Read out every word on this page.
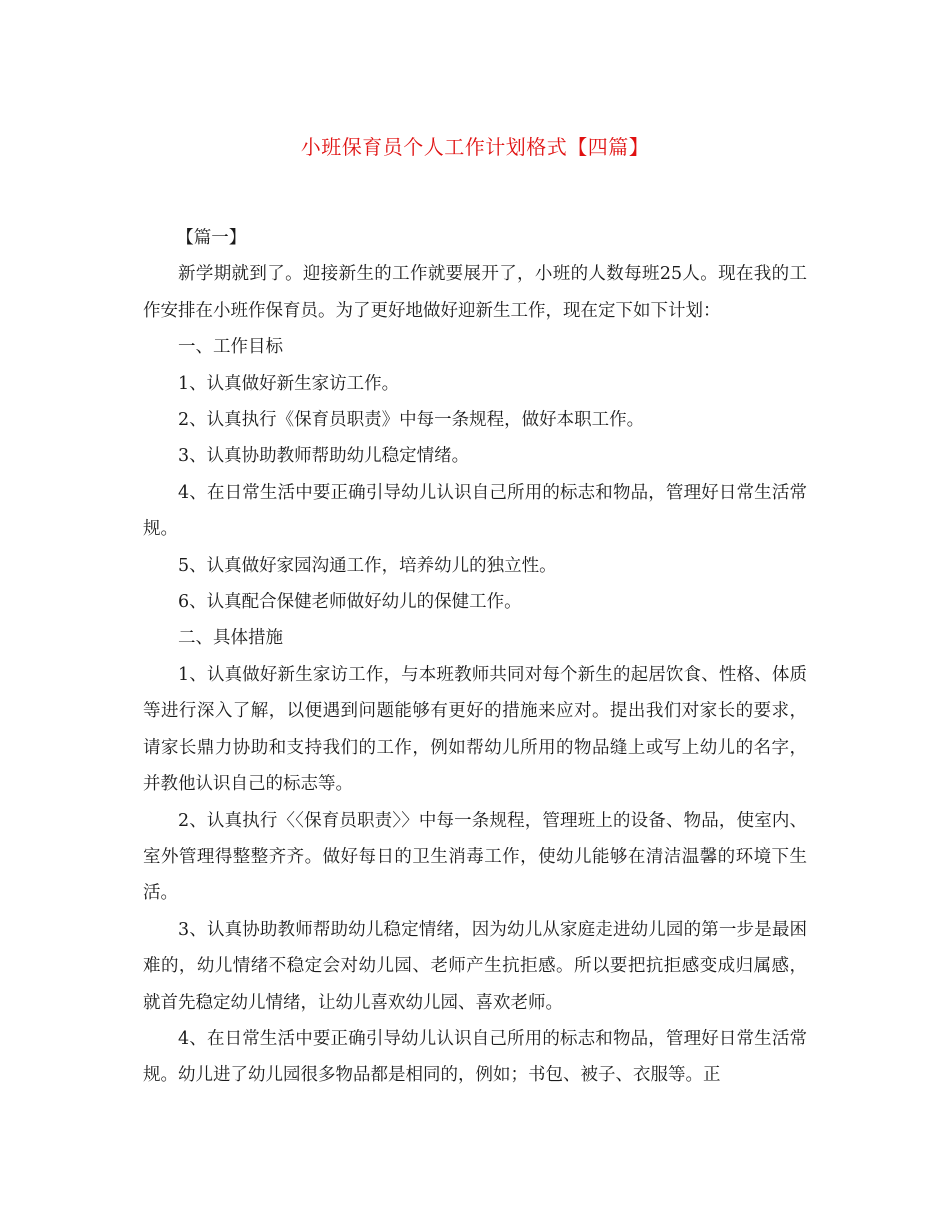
小班保育员个人工作计划格式【四篇】

【篇一】

新学期就到了。迎接新生的工作就要展开了，小班的人数每班25人。现在我的工作安排在小班作保育员。为了更好地做好迎新生工作，现在定下如下计划：

一、工作目标

1、认真做好新生家访工作。

2、认真执行《保育员职责》中每一条规程，做好本职工作。

3、认真协助教师帮助幼儿稳定情绪。

4、在日常生活中要正确引导幼儿认识自己所用的标志和物品，管理好日常生活常规。

5、认真做好家园沟通工作，培养幼儿的独立性。

6、认真配合保健老师做好幼儿的保健工作。

二、具体措施

1、认真做好新生家访工作，与本班教师共同对每个新生的起居饮食、性格、体质等进行深入了解，以便遇到问题能够有更好的措施来应对。提出我们对家长的要求，请家长鼎力协助和支持我们的工作，例如帮幼儿所用的物品缝上或写上幼儿的名字，并教他认识自己的标志等。

2、认真执行〈〈保育员职责〉〉中每一条规程，管理班上的设备、物品，使室内、室外管理得整整齐齐。做好每日的卫生消毒工作，使幼儿能够在清洁温馨的环境下生活。

3、认真协助教师帮助幼儿稳定情绪，因为幼儿从家庭走进幼儿园的第一步是最困难的，幼儿情绪不稳定会对幼儿园、老师产生抗拒感。所以要把抗拒感变成归属感，就首先稳定幼儿情绪，让幼儿喜欢幼儿园、喜欢老师。

4、在日常生活中要正确引导幼儿认识自己所用的标志和物品，管理好日常生活常规。幼儿进了幼儿园很多物品都是相同的，例如；书包、被子、衣服等。正
